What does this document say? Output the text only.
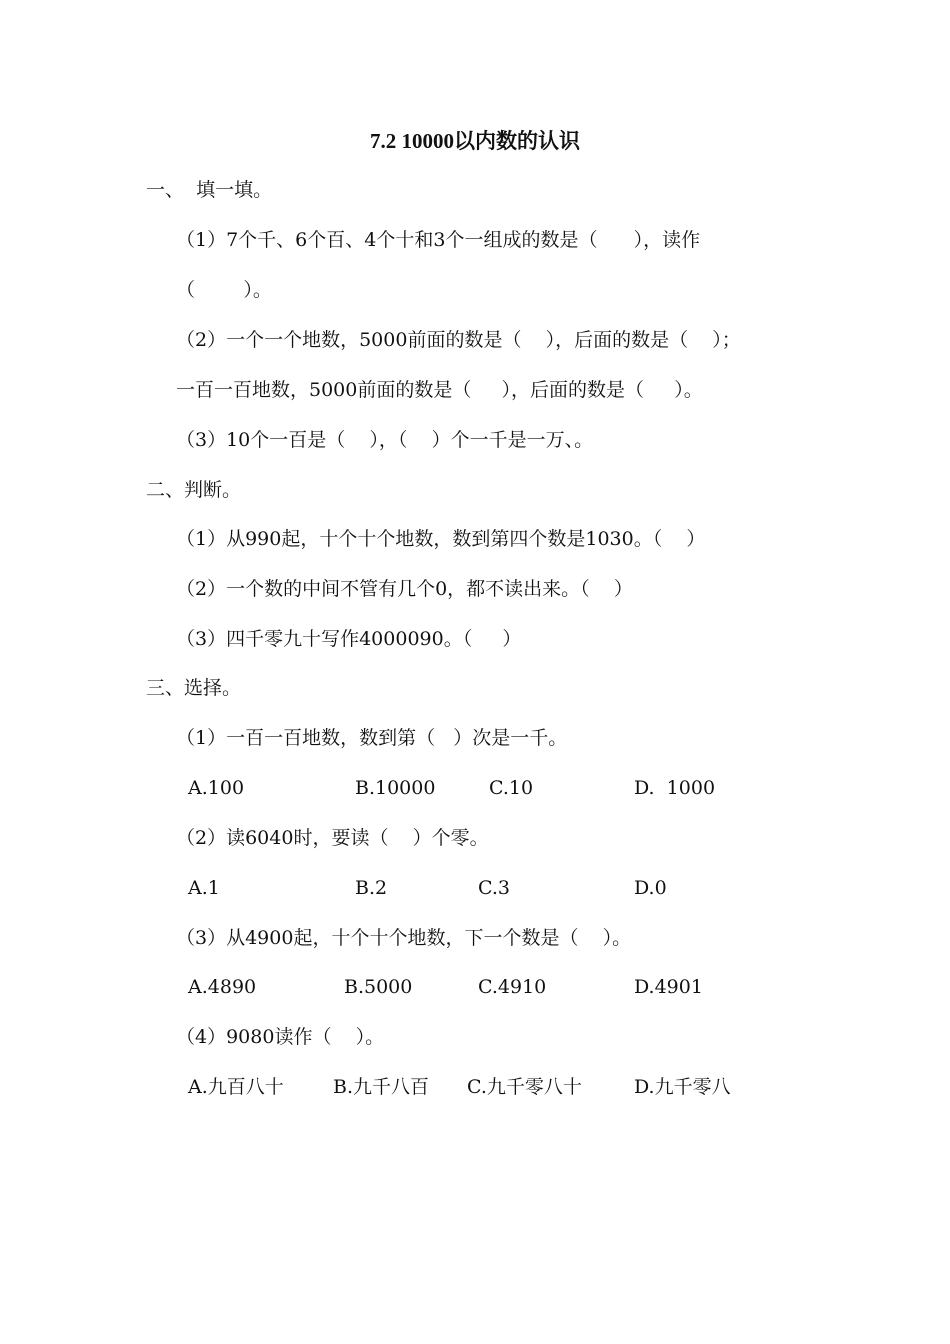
7.2 10000以内数的认识
一、  填一填。
（1）7个千、6个百、4个十和3个一组成的数是（      ），读作
（        ）。
（2）一个一个地数，5000前面的数是（    ），后面的数是（    ）；
一百一百地数，5000前面的数是（     ），后面的数是（     ）。
（3）10个一百是（    ），（    ）个一千是一万、。
二、判断。
（1）从990起，十个十个地数，数到第四个数是1030。（    ）
（2）一个数的中间不管有几个0，都不读出来。（    ）
（3）四千零九十写作4000090。（     ）
三、选择。
（1）一百一百地数，数到第（   ）次是一千。
A.100	B.10000	C.10	D.  1000
（2）读6040时，要读（    ）个零。
A.1	B.2	C.3	D.0
（3）从4900起，十个十个地数，下一个数是（    ）。
A.4890	B.5000	C.4910	D.4901
（4）9080读作（    ）。
A.九百八十	B.九千八百 C.九千零八十	D.九千零八
